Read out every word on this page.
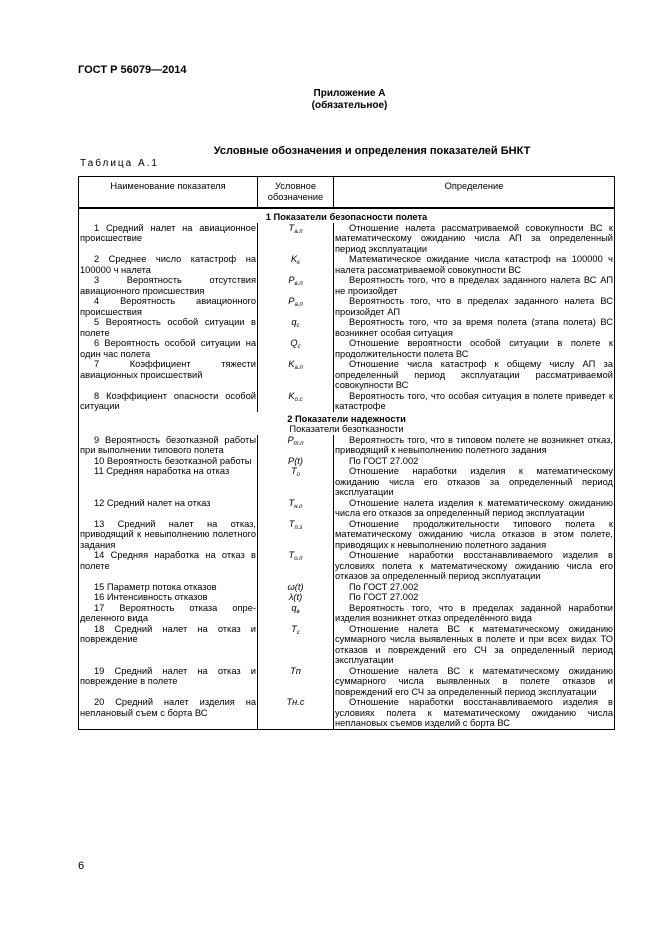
ГОСТ Р 56079—2014
Приложение А
(обязательное)
Условные обозначения и определения показателей БНКТ
Таблица А.1
Наименование показателя	Условное обозначение	Определение

1 Показатели безопасности полета		
1 Средний налет на авиационное происшествие	$T_{а.п}$	Отношение налета рассматриваемой совокупности ВС к математическому ожиданию числа АП за определенный период эксплуатации
2 Среднее число катастроф на 100000 ч налета	$K_к$	Математическое ожидание числа катастроф на 100000 ч налета рассматриваемой совокупности ВС
3 Вероятность отсутствия авиационного происшествия	$P_{в.п}$	Вероятность того, что в пределах заданного налета ВС АП не произойдет
4 Вероятность авиационного происшествия	$P_{а.п}$	Вероятность того, что в пределах заданного налета ВС произойдет АП
5 Вероятность особой ситуации в полете	$q_с$	Вероятность того, что за время полета (этапа полета) ВС возникнет особая ситуация
6 Вероятность особой ситуации на один час полета	$Q_с$	Отношение вероятности особой ситуации в полете к продолжительности полета ВС
7 Коэффициент тяжести авиационных происшествий	$K_{а.п}$	Отношение числа катастроф к общему числу АП за определенный период эксплуатации рассматриваемой совокупности ВС
8 Коэффициент опасности особой ситуации	$K_{о.с}$	Вероятность того, что особая ситуация в полете приведет к катастрофе
2 Показатели надежности		
Показатели безотказности		
9 Вероятность безотказной работы при выполнении типового полета	$P_{т.п}$	Вероятность того, что в типовом полете не возникнет отказ, приводящий к невыполнению полетного задания
10 Вероятность безотказной работы	P(t)	По ГОСТ 27.002
11 Средняя наработка на отказ	$T_о$	Отношение наработки изделия к математическому ожиданию числа его отказов за определенный период эксплуатации
12 Средний налет на отказ	$T_{н.о}$	Отношение налета изделия к математическому ожиданию числа его отказов за определенный период эксплуатации
13 Средний налет на отказ, приводящий к невыполнению полетного задания	$T_{п.з}$	Отношение продолжительности типового полета к математическому ожиданию числа отказов в этом полете, приводящих к невыполнению полетного задания
14 Средняя наработка на отказ в полете	$T_{о.п}$	Отношение наработки восстанавливаемого изделия в условиях полета к математическому ожиданию числа его отказов за определенный период эксплуатации
15 Параметр потока отказов	ω(t)	По ГОСТ 27.002
16 Интенсивность отказов	λ(t)	По ГОСТ 27.002
17 Вероятность отказа определенного вида	$q_в$	Вероятность того, что в пределах заданной наработки изделия возникнет отказ определённого вида
18 Средний налет на отказ и повреждение	$T_с$	Отношение налета ВС к математическому ожиданию суммарного числа выявленных в полете и при всех видах ТО отказов и повреждений его СЧ за определенный период эксплуатации
19 Средний налет на отказ и повреждение в полете	Tп	Отношение налета ВС к математическому ожиданию суммарного числа выявленных в полете отказов и повреждений его СЧ за определенный период эксплуатации
20 Средний налет изделия на неплановый съем с борта ВС	Tн.с	Отношение наработки восстанавливаемого изделия в условиях полета к математическому ожиданию числа неплановых съемов изделий с борта ВС
6
